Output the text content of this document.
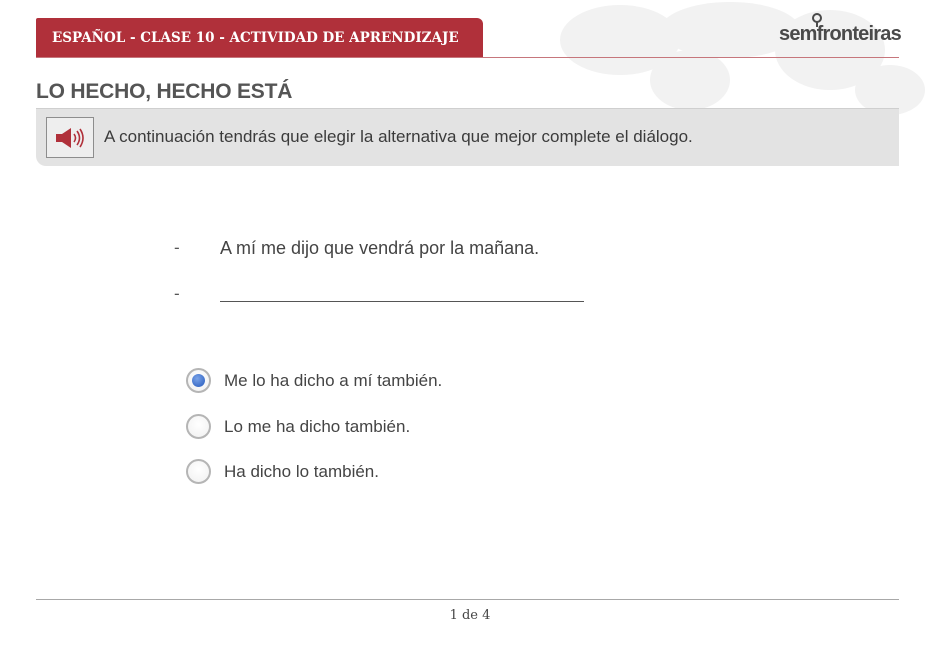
ESPAÑOL - CLASE 10 - ACTIVIDAD DE APRENDIZAJE	semfronteiras
LO HECHO, HECHO ESTÁ
A continuación tendrás que elegir la alternativa que mejor complete el diálogo.
- A mí me dijo que vendrá por la mañana.
-
Me lo ha dicho a mí también.
Lo me ha dicho también.
Ha dicho lo también.
1 de 4
